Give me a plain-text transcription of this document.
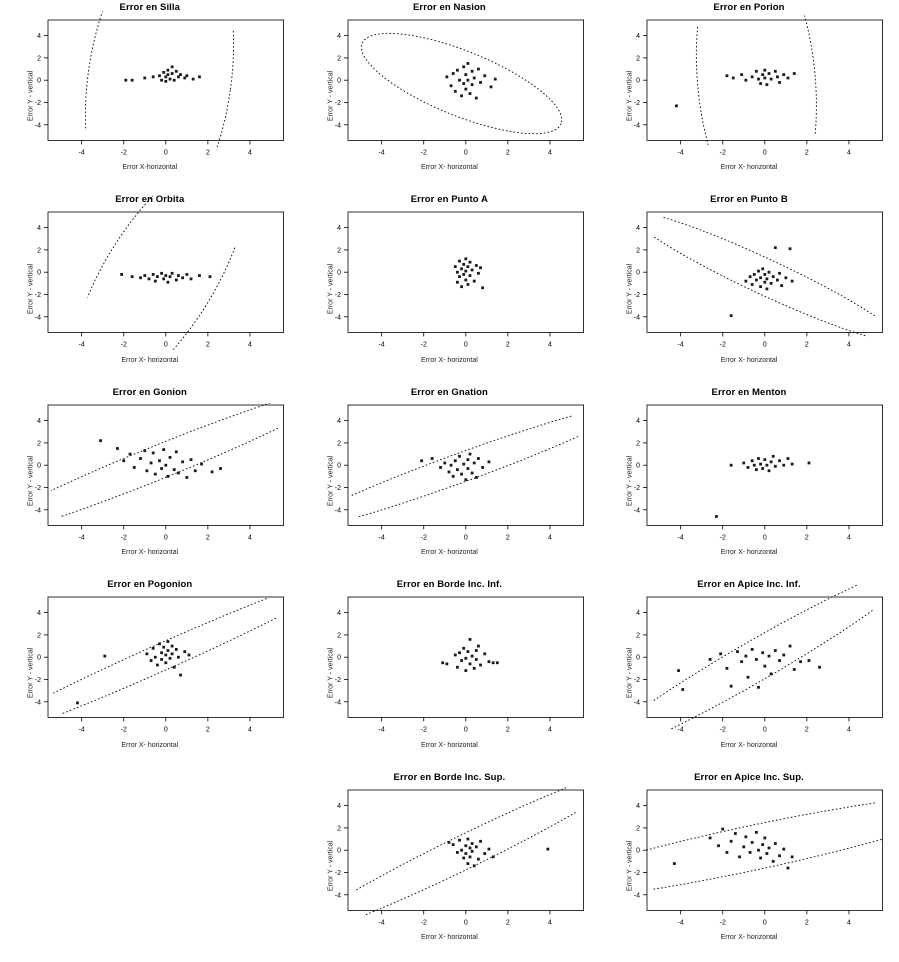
Error en Silla
Error Y - vertical
Error X-horizontal
-4	-2	0	2	4
-4
-2
0
2
4
Error en Nasion
Error Y - vertical
Error X- horizontal
-4	-2	0	2	4
-4
-2
0
2
4
Error en Porion
Error Y - vertical
Error X- horizontal
-4	-2	0	2	4
-4
-2
0
2
4
Error en Orbita
Error Y - vertical
Error X- horizontal
-4	-2	0	2	4
-4
-2
0
2
4
Error en Punto A
Error Y - vertical
Error X- horizontal
-4	-2	0	2	4
-4
-2
0
2
4
Error en Punto B
Error Y - vertical
Error X- horizontal
-4	-2	0	2	4
-4
-2
0
2
4
Error en Gonion
Error Y - vertical
Error X- horizontal
-4	-2	0	2	4
-4
-2
0
2
4
Error en Gnation
Error Y - vertical
Error X- horizontal
-4	-2	0	2	4
-4
-2
0
2
4
Error en Menton
Error Y - vertical
Error X- horizontal
-4	-2	0	2	4
-4
-2
0
2
4
Error en Pogonion
Error Y - vertical
Error X- horizontal
-4	-2	0	2	4
-4
-2
0
2
4
Error en Borde Inc. Inf.
Error Y - vertical
Error X- horizontal
-4	-2	0	2	4
-4
-2
0
2
4
Error en Apice Inc. Inf.
Error Y - vertical
Error X- horizontal
-4	-2	0	2	4
-4
-2
0
2
4
Error en Borde Inc. Sup.
Error Y - vertical
Error X- horizontal
-4	-2	0	2	4
-4
-2
0
2
4
Error en Apice Inc. Sup.
Error Y - vertical
Error X- horizontal
-4	-2	0	2	4
-4
-2
0
2
4
